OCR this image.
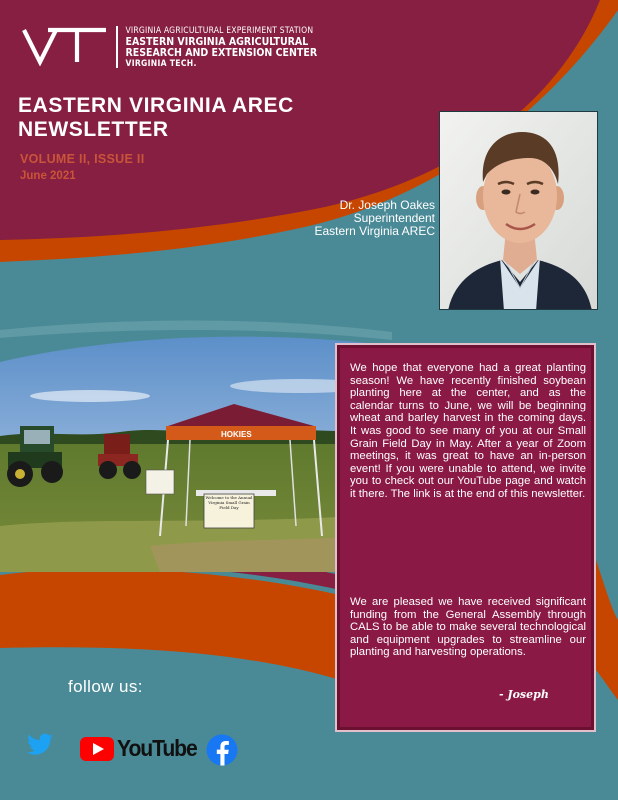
VIRGINIA AGRICULTURAL EXPERIMENT STATION
EASTERN VIRGINIA AGRICULTURAL
RESEARCH AND EXTENSION CENTER
VIRGINIA TECH.
EASTERN VIRGINIA AREC
NEWSLETTER
VOLUME II, ISSUE II
June 2021
Dr. Joseph Oakes
Superintendent
Eastern Virginia AREC
HOKIES
Welcome to the Annual Virginia Small Grain Field Day
We hope that everyone had a great planting season! We have recently finished soybean planting here at the center, and as the calendar turns to June, we will be beginning wheat and barley harvest in the coming days. It was good to see many of you at our Small Grain Field Day in May. After a year of Zoom meetings, it was great to have an in-person event! If you were unable to attend, we invite you to check out our YouTube page and watch it there. The link is at the end of this newsletter.
We are pleased we have received significant funding from the General Assembly through CALS to be able to make several technological and equipment upgrades to streamline our planting and harvesting operations.
- Joseph
follow us:
YouTube
